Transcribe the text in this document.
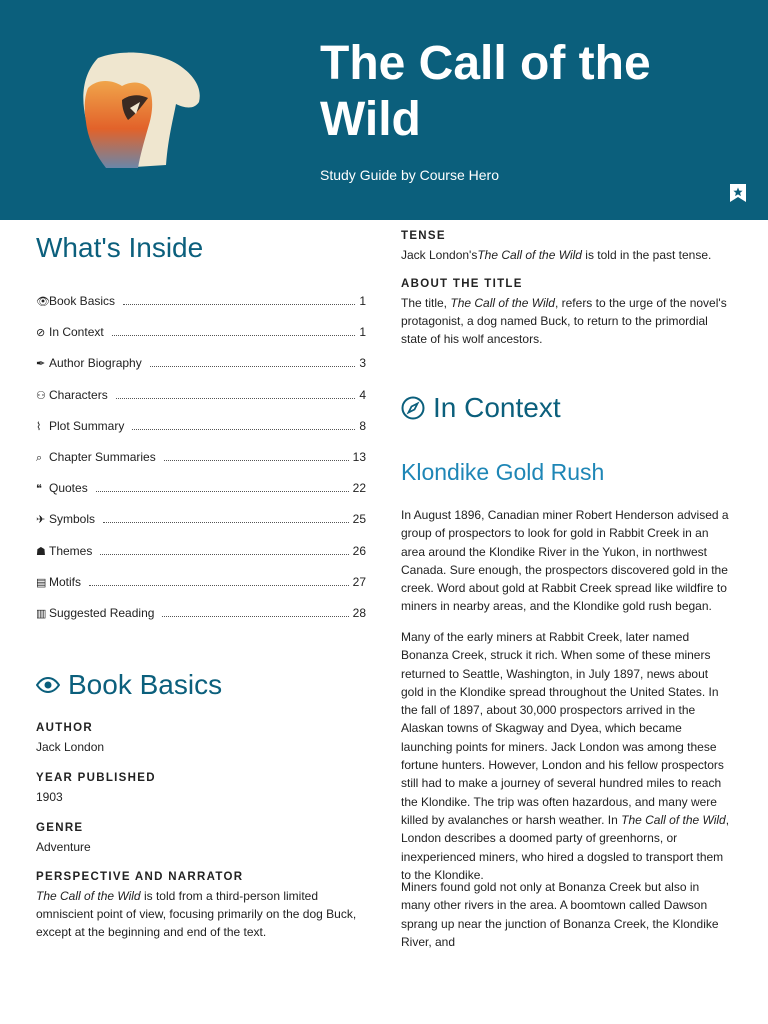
The Call of the Wild
Study Guide by Course Hero
What's Inside
👁 Book Basics	1
⊘ In Context	1
✒ Author Biography	3
⚇ Characters	4
⌇ Plot Summary	8
⌕ Chapter Summaries	13
❝ Quotes	22
✈ Symbols	25
☗ Themes	26
▤ Motifs	27
▥ Suggested Reading	28
Book Basics
AUTHOR
Jack London
YEAR PUBLISHED
1903
GENRE
Adventure
PERSPECTIVE AND NARRATOR
The Call of the Wild is told from a third-person limited omniscient point of view, focusing primarily on the dog Buck, except at the beginning and end of the text.
TENSE
Jack London'sThe Call of the Wild is told in the past tense.
ABOUT THE TITLE
The title, The Call of the Wild, refers to the urge of the novel's protagonist, a dog named Buck, to return to the primordial state of his wolf ancestors.
In Context
Klondike Gold Rush

In August 1896, Canadian miner Robert Henderson advised a group of prospectors to look for gold in Rabbit Creek in an area around the Klondike River in the Yukon, in northwest Canada. Sure enough, the prospectors discovered gold in the creek. Word about gold at Rabbit Creek spread like wildfire to miners in nearby areas, and the Klondike gold rush began.

Many of the early miners at Rabbit Creek, later named Bonanza Creek, struck it rich. When some of these miners returned to Seattle, Washington, in July 1897, news about gold in the Klondike spread throughout the United States. In the fall of 1897, about 30,000 prospectors arrived in the Alaskan towns of Skagway and Dyea, which became launching points for miners. Jack London was among these fortune hunters. However, London and his fellow prospectors still had to make a journey of several hundred miles to reach the Klondike. The trip was often hazardous, and many were killed by avalanches or harsh weather. In The Call of the Wild, London describes a doomed party of greenhorns, or inexperienced miners, who hired a dogsled to transport them to the Klondike.

Miners found gold not only at Bonanza Creek but also in many other rivers in the area. A boomtown called Dawson sprang up near the junction of Bonanza Creek, the Klondike River, and
